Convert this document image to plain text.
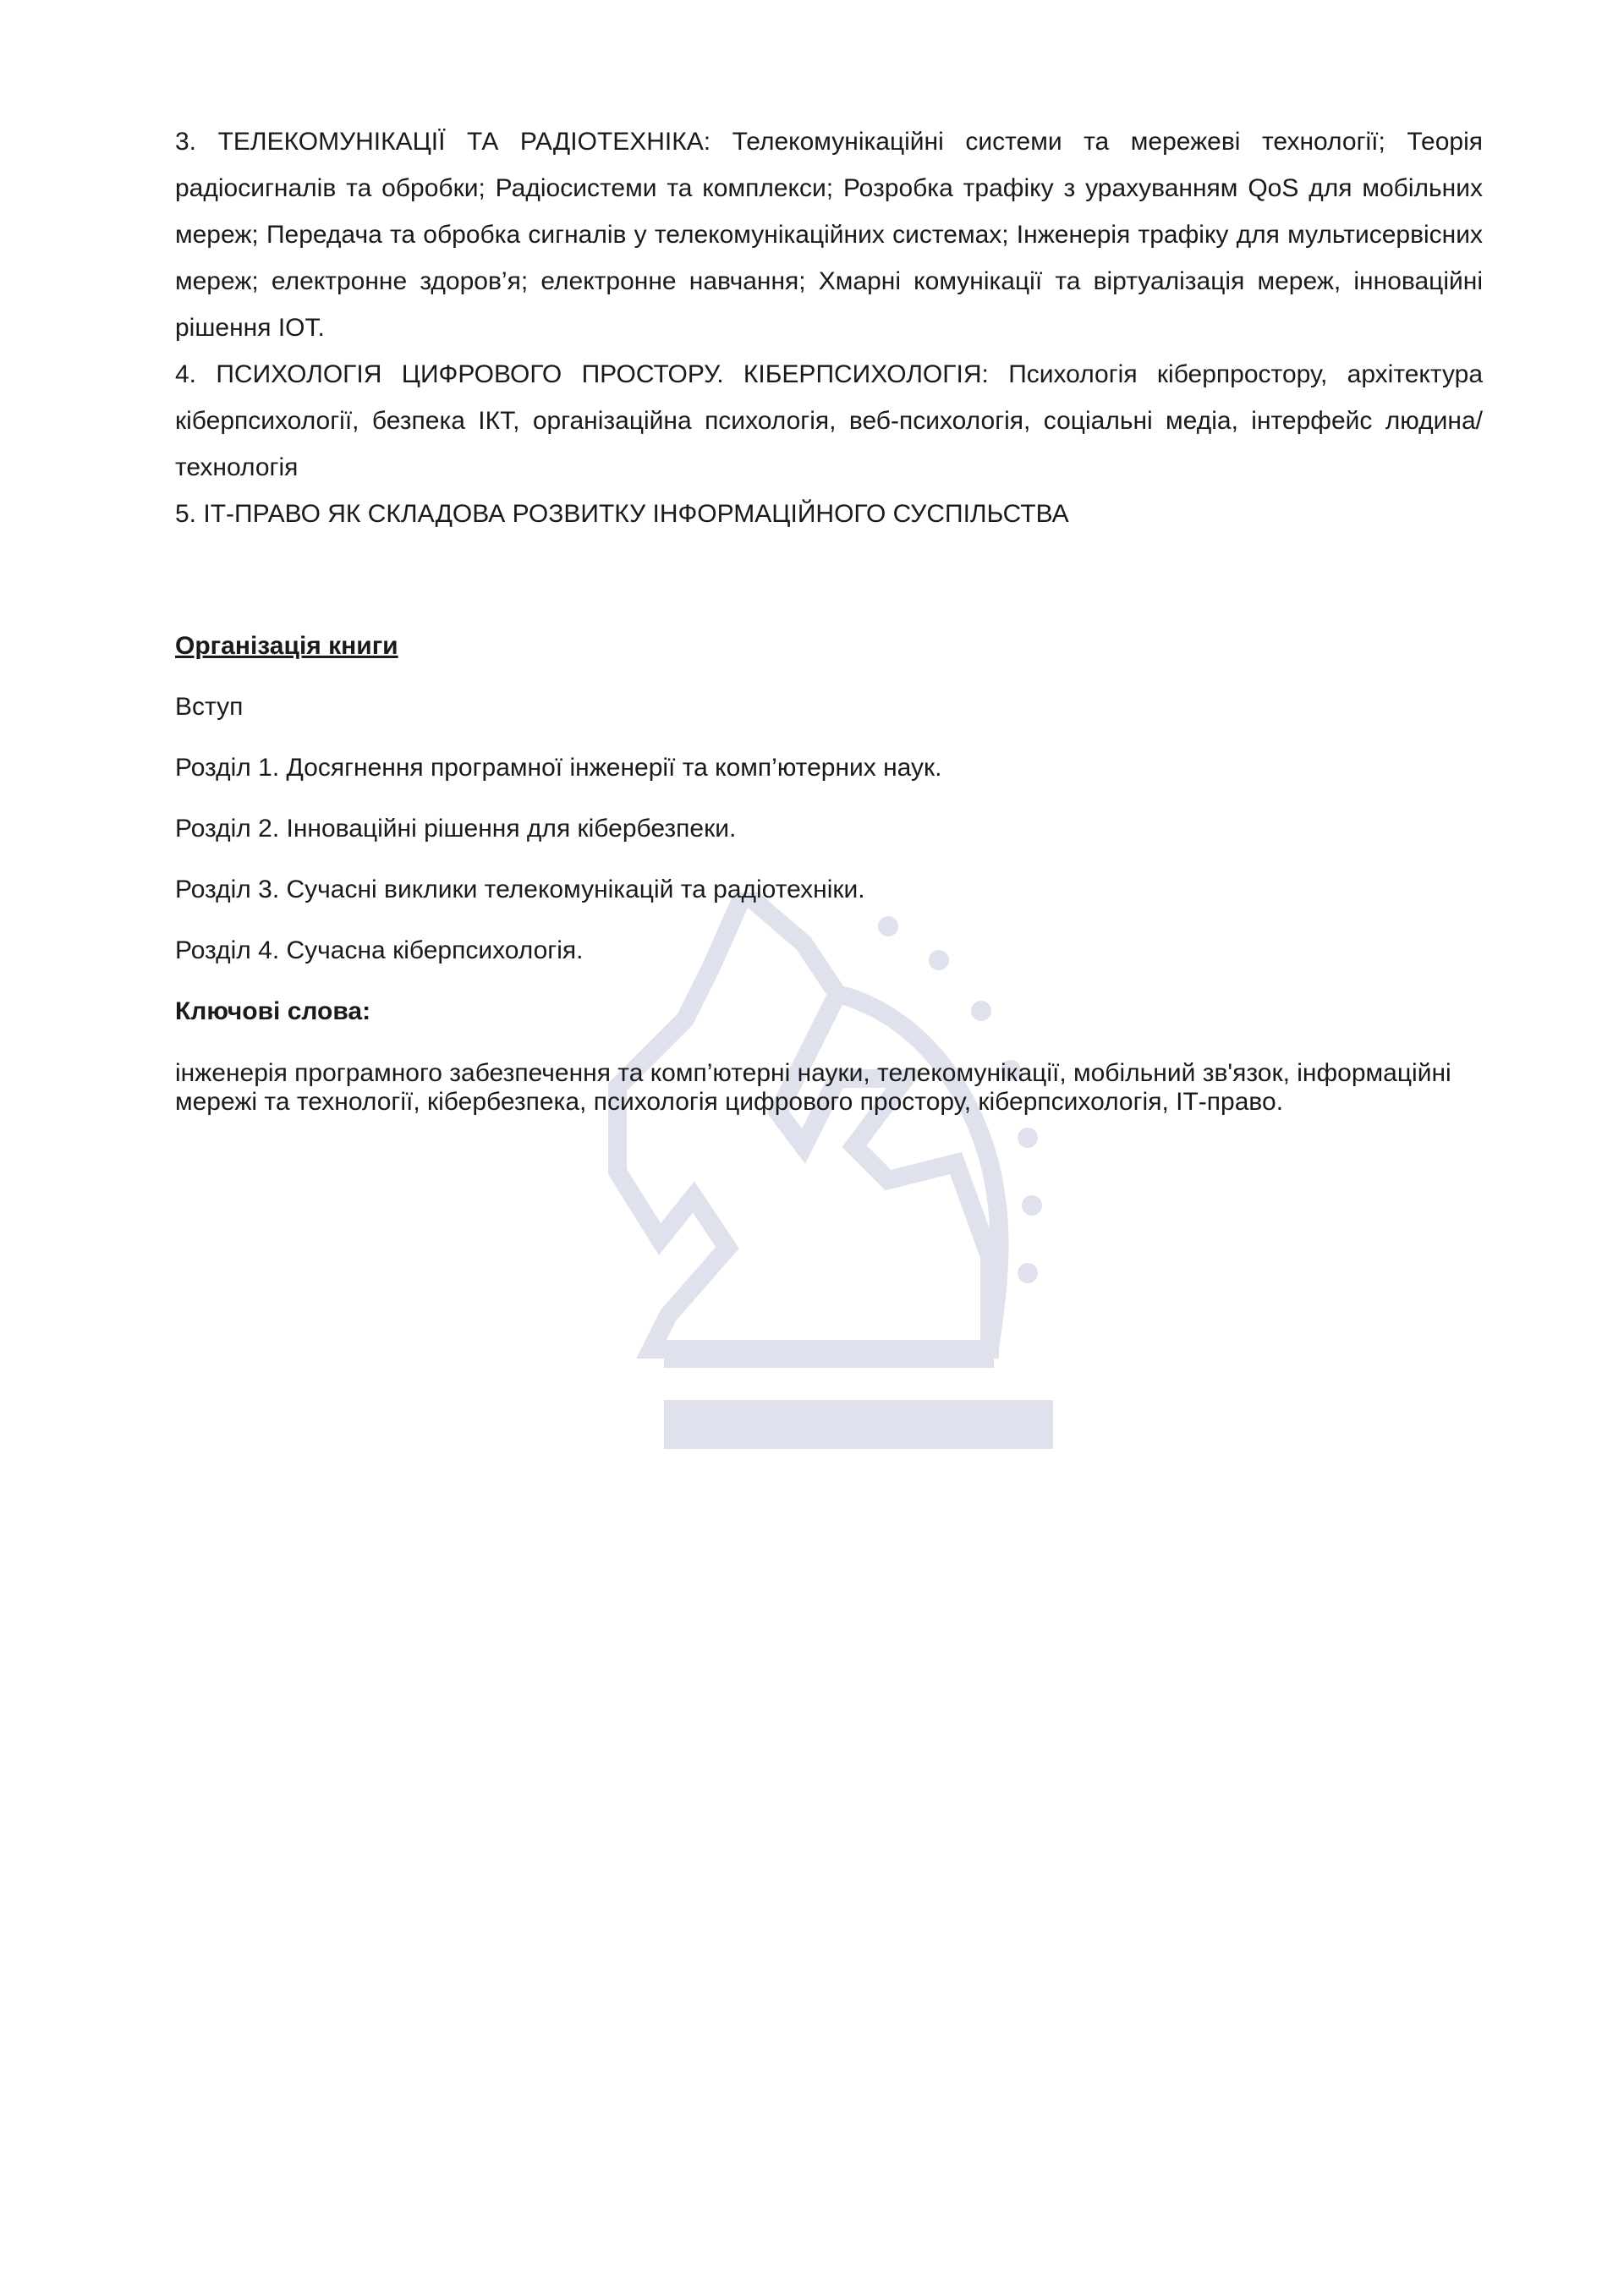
3. ТЕЛЕКОМУНІКАЦІЇ ТА РАДІОТЕХНІКА: Телекомунікаційні системи та мережеві технології; Теорія радіосигналів та обробки; Радіосистеми та комплекси; Розробка трафіку з урахуванням QoS для мобільних мереж; Передача та обробка сигналів у телекомунікаційних системах; Інженерія трафіку для мультисервісних мереж; електронне здоров’я; електронне навчання; Хмарні комунікації та віртуалізація мереж, інноваційні рішення IOT.

4. ПСИХОЛОГІЯ ЦИФРОВОГО ПРОСТОРУ. КІБЕРПСИХОЛОГІЯ: Психологія кіберпростору, архітектура кіберпсихології, безпека ІКТ, організаційна психологія, веб-психологія, соціальні медіа, інтерфейс людина/технологія

5. ІТ-ПРАВО ЯК СКЛАДОВА РОЗВИТКУ ІНФОРМАЦІЙНОГО СУСПІЛЬСТВА

Організація книги

Вступ

Розділ 1. Досягнення програмної інженерії та комп’ютерних наук.

Розділ 2. Інноваційні рішення для кібербезпеки.

Розділ 3. Сучасні виклики телекомунікацій та радіотехніки.

Розділ 4. Сучасна кіберпсихологія.

Ключові слова:

інженерія програмного забезпечення та комп’ютерні науки, телекомунікації, мобільний зв'язок, інформаційні мережі та технології, кібербезпека, психологія цифрового простору, кіберпсихологія, ІТ-право.
